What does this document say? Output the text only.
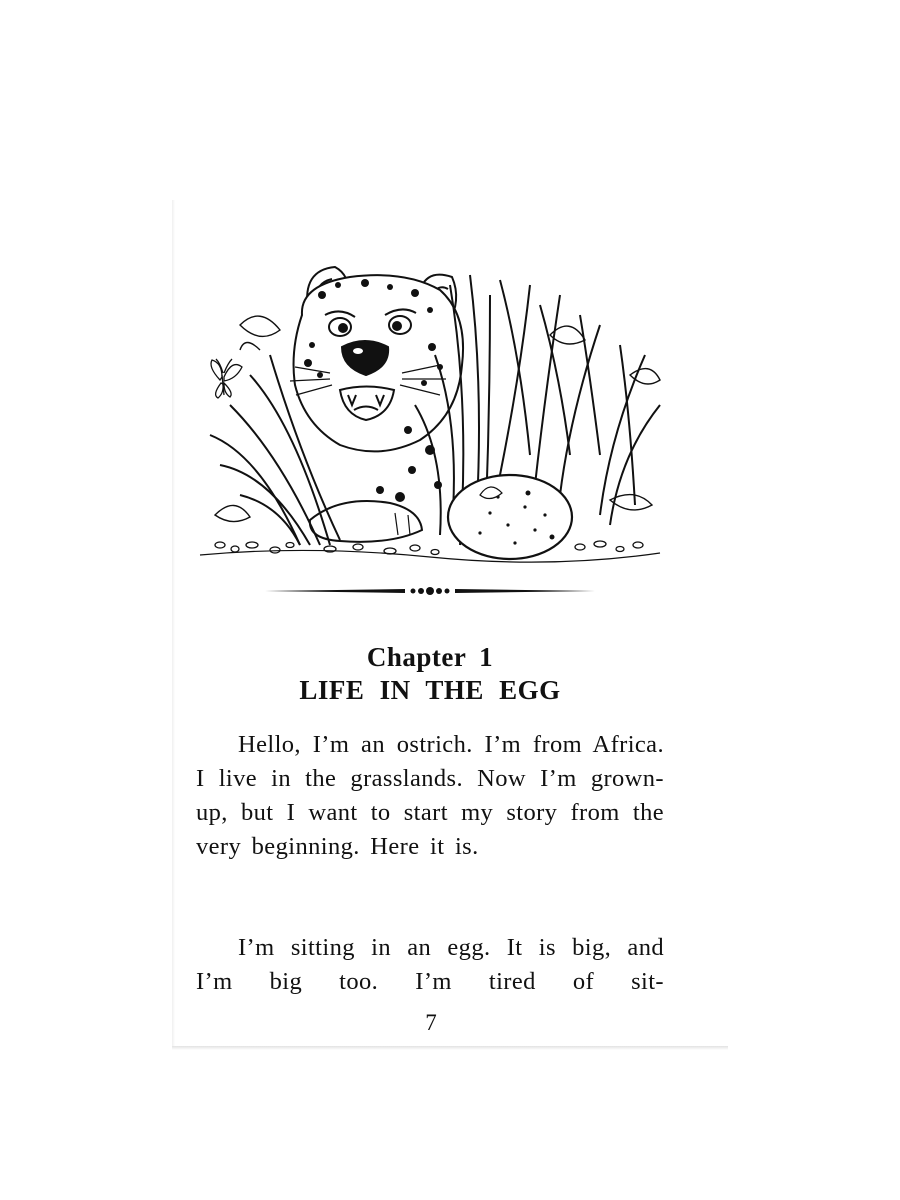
Chapter 1
LIFE IN THE EGG
Hello, I’m an ostrich. I’m from Africa. I live in the grasslands. Now I’m grown-up, but I want to start my story from the very beginning. Here it is.
I’m sitting in an egg. It is big, and I’m big too. I’m tired of sit-
7
